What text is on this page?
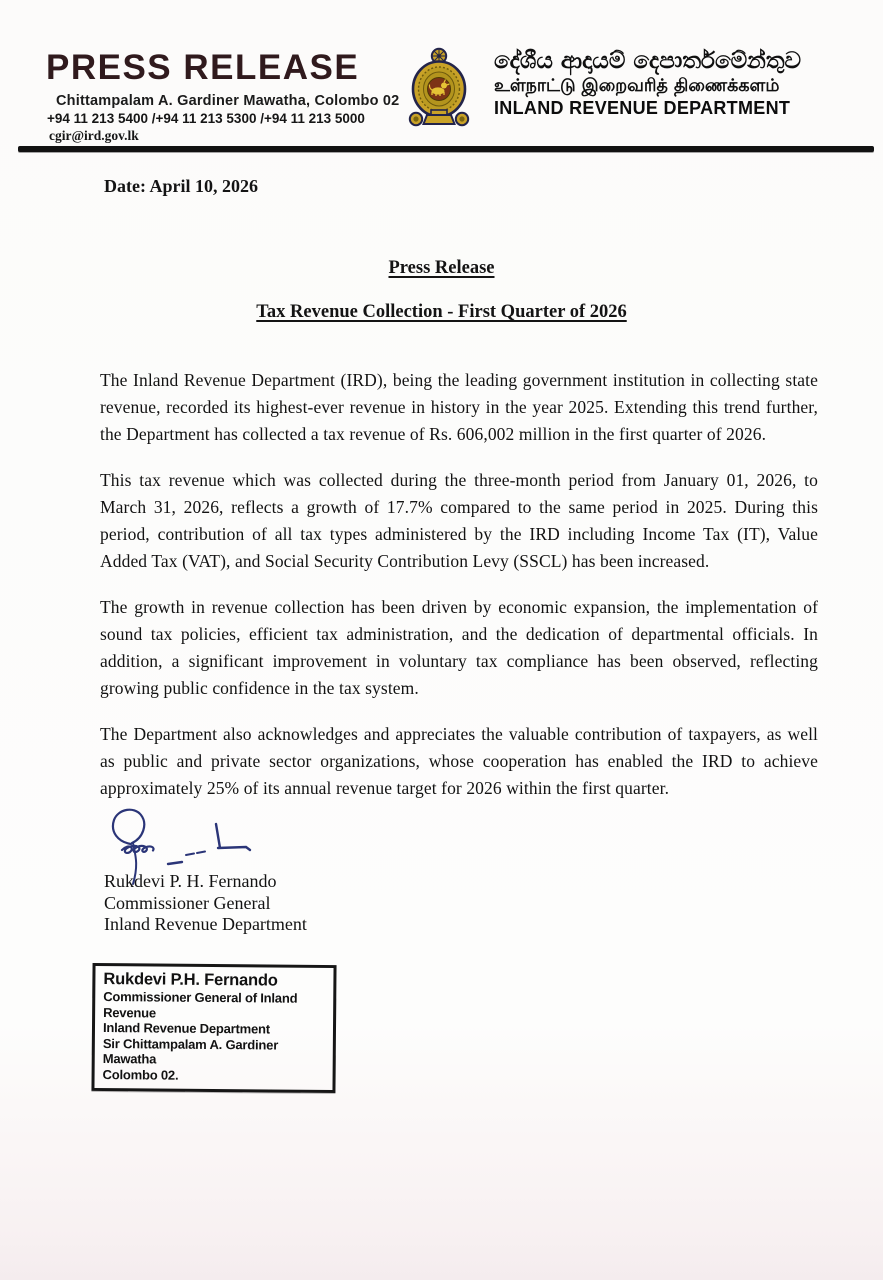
PRESS RELEASE
Chittampalam A. Gardiner Mawatha, Colombo 02
+94 11 213 5400 /+94 11 213 5300 /+94 11 213 5000
cgir@ird.gov.lk
දේශීය ආදායම් දෙපාර්තමේන්තුව
உள்நாட்டு இறைவரித் திணைக்களம்
INLAND REVENUE DEPARTMENT
Date: April 10, 2026
Press Release
Tax Revenue Collection - First Quarter of 2026

The Inland Revenue Department (IRD), being the leading government institution in collecting state revenue, recorded its highest-ever revenue in history in the year 2025. Extending this trend further, the Department has collected a tax revenue of Rs. 606,002 million in the first quarter of 2026.

This tax revenue which was collected during the three-month period from January 01, 2026, to March 31, 2026, reflects a growth of 17.7% compared to the same period in 2025. During this period, contribution of all tax types administered by the IRD including Income Tax (IT), Value Added Tax (VAT), and Social Security Contribution Levy (SSCL) has been increased.

The growth in revenue collection has been driven by economic expansion, the implementation of sound tax policies, efficient tax administration, and the dedication of departmental officials. In addition, a significant improvement in voluntary tax compliance has been observed, reflecting growing public confidence in the tax system.

The Department also acknowledges and appreciates the valuable contribution of taxpayers, as well as public and private sector organizations, whose cooperation has enabled the IRD to achieve approximately 25% of its annual revenue target for 2026 within the first quarter.

Rukdevi P. H. Fernando
Commissioner General
Inland Revenue Department
Rukdevi P.H. Fernando
Commissioner General of Inland Revenue
Inland Revenue Department
Sir Chittampalam A. Gardiner Mawatha
Colombo 02.
